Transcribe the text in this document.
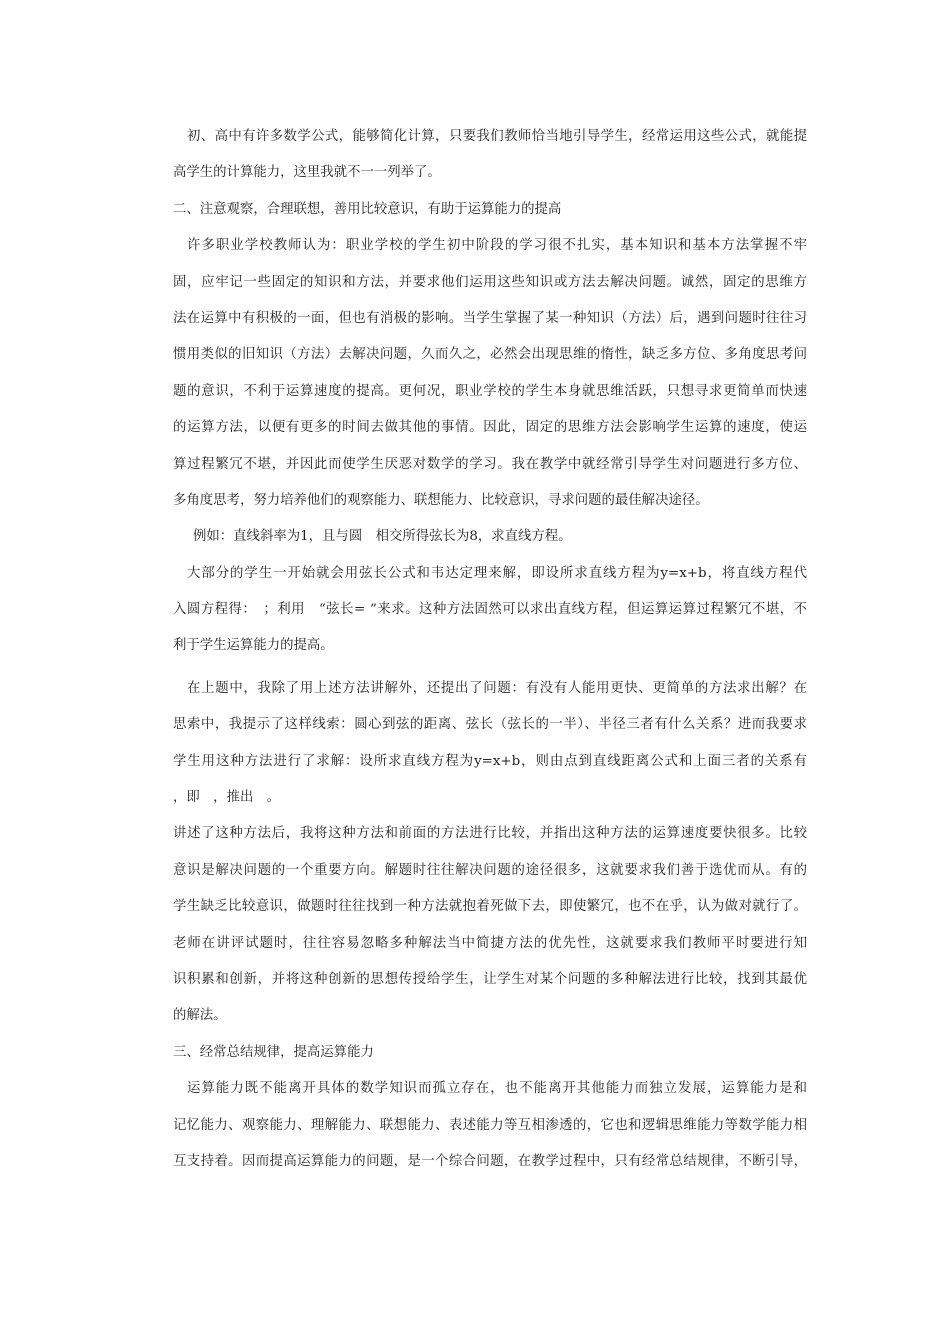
初、高中有许多数学公式，能够简化计算，只要我们教师恰当地引导学生，经常运用这些公式，就能提
高学生的计算能力，这里我就不一一列举了。
二、注意观察，合理联想，善用比较意识，有助于运算能力的提高
许多职业学校教师认为：职业学校的学生初中阶段的学习很不扎实，基本知识和基本方法掌握不牢
固，应牢记一些固定的知识和方法，并要求他们运用这些知识或方法去解决问题。诚然，固定的思维方
法在运算中有积极的一面，但也有消极的影响。当学生掌握了某一种知识（方法）后，遇到问题时往往习
惯用类似的旧知识（方法）去解决问题，久而久之，必然会出现思维的惰性，缺乏多方位、多角度思考问
题的意识，不利于运算速度的提高。更何况，职业学校的学生本身就思维活跃，只想寻求更简单而快速
的运算方法，以便有更多的时间去做其他的事情。因此，固定的思维方法会影响学生运算的速度，使运
算过程繁冗不堪，并因此而使学生厌恶对数学的学习。我在教学中就经常引导学生对问题进行多方位、
多角度思考，努力培养他们的观察能力、联想能力、比较意识，寻求问题的最佳解决途径。
例如：直线斜率为1，且与圆　相交所得弦长为8，求直线方程。
大部分的学生一开始就会用弦长公式和韦达定理来解，即设所求直线方程为y=x+b，将直线方程代
入圆方程得：　；利用　“弦长= ”来求。这种方法固然可以求出直线方程，但运算运算过程繁冗不堪，不
利于学生运算能力的提高。
在上题中，我除了用上述方法讲解外，还提出了问题：有没有人能用更快、更简单的方法求出解？在
思索中，我提示了这样线索：圆心到弦的距离、弦长（弦长的一半）、半径三者有什么关系？进而我要求
学生用这种方法进行了求解：设所求直线方程为y=x+b，则由点到直线距离公式和上面三者的关系有
，即　，推出　。
讲述了这种方法后，我将这种方法和前面的方法进行比较，并指出这种方法的运算速度要快很多。比较
意识是解决问题的一个重要方向。解题时往往解决问题的途径很多，这就要求我们善于选优而从。有的
学生缺乏比较意识，做题时往往找到一种方法就抱着死做下去，即使繁冗，也不在乎，认为做对就行了。
老师在讲评试题时，往往容易忽略多种解法当中简捷方法的优先性，这就要求我们教师平时要进行知
识积累和创新，并将这种创新的思想传授给学生，让学生对某个问题的多种解法进行比较，找到其最优
的解法。
三、经常总结规律，提高运算能力
运算能力既不能离开具体的数学知识而孤立存在，也不能离开其他能力而独立发展，运算能力是和
记忆能力、观察能力、理解能力、联想能力、表述能力等互相渗透的，它也和逻辑思维能力等数学能力相
互支持着。因而提高运算能力的问题，是一个综合问题，在教学过程中，只有经常总结规律，不断引导，
